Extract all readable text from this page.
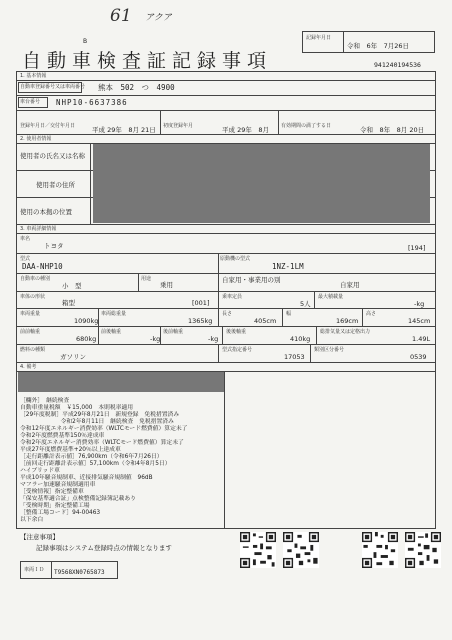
61 アクア
B
自動車検査証記録事項
記録年月日
令和　6年　7月26日
941240194536
1. 基本情報
自動車登録番号又は車両番号 熊本　502　つ　4900
車台番号 NHP10-6637386
登録年月日／交付年月日	平成 29年　8月 21日 初度登録年月	平成 29年　8月 有効期間の満了する日	令和　8年　8月 20日
2. 使用者情報
使用者の氏名又は名称
使用者の住所
使用の本拠の位置
3. 車両詳細情報
車名
トヨタ	[194]
型式
DAA-NHP10
原動機の型式
1NZ-1LM
自動車の種別
小　型
用途
乗用
自家用・事業用の別
自家用
車体の形状
箱型	[001]
乗車定員
5人
最大積載量
-kg
車両重量
1090kg
車両総重量
1365kg
長さ
405cm
幅
169cm
高さ
145cm
前前軸重
680kg
前後軸重
-kg
後前軸重
-kg
後後軸重
410kg
総排気量又は定格出力
1.49L
燃料の種類
ガソリン
型式指定番号
17053
類別区分番号
0539
4. 備考
［欄外］　継続検査
自動車重量税額　￥15,000　本則税率適用
［29年度税制］平成29年8月21日　新規登録　免税措置済み
　　　　　　　令和2年8月11日　継続検査　免税措置済み
令和12年度エネルギー消費効率（WLTCモード燃費値）算定未了
令和2年度燃費基準150％達成車
令和2年度エネルギー消費効率（WLTCモード燃費値）算定未了
平成27年度燃費基準+20％以上達成車
［走行距離計表示値］76,900km（令和6年7月26日）
［前回走行距離計表示値］57,100km（令和4年8月5日）
ハイブリッド車
平成10年騒音規制車、近接排気騒音規制値　96dB
マフラー加速騒音規制適用車
［受検情報］指定整備車
「保安基準適合証」点検整備記録簿記載あり
「受検時期」指定整備工場
［整備工場コード］94-00463
以下余白
【注意事項】
記録事項はシステム登録時点の情報となります
車両ＩＤ T9568XN0765873
